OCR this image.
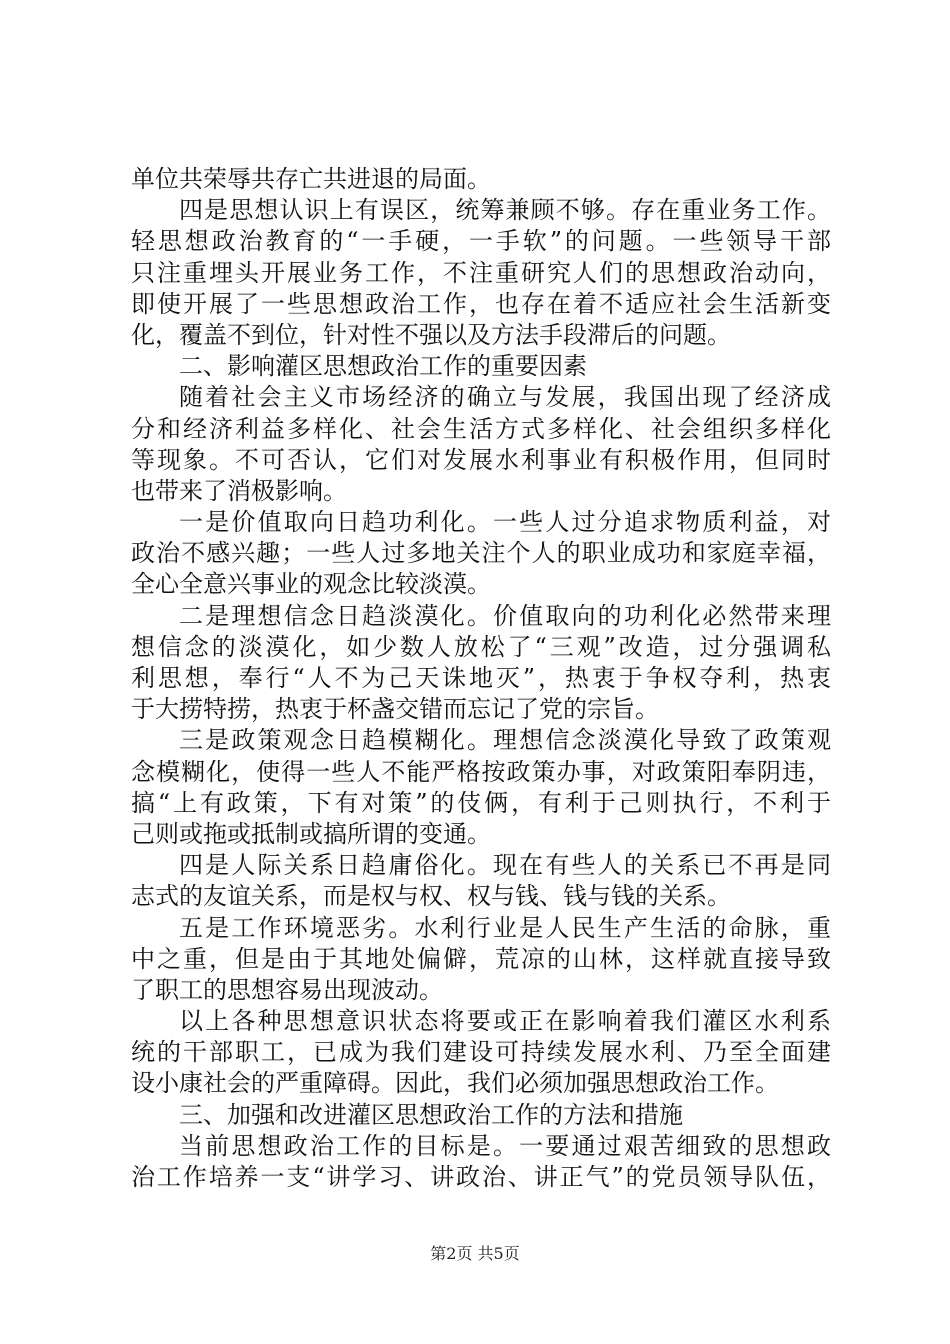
单位共荣辱共存亡共进退的局面。
四是思想认识上有误区，统筹兼顾不够。存在重业务工作。
轻思想政治教育的“一手硬，一手软”的问题。一些领导干部
只注重埋头开展业务工作，不注重研究人们的思想政治动向，
即使开展了一些思想政治工作，也存在着不适应社会生活新变
化，覆盖不到位，针对性不强以及方法手段滞后的问题。
二、影响灌区思想政治工作的重要因素
随着社会主义市场经济的确立与发展，我国出现了经济成
分和经济利益多样化、社会生活方式多样化、社会组织多样化
等现象。不可否认，它们对发展水利事业有积极作用，但同时
也带来了消极影响。
一是价值取向日趋功利化。一些人过分追求物质利益，对
政治不感兴趣；一些人过多地关注个人的职业成功和家庭幸福，
全心全意兴事业的观念比较淡漠。
二是理想信念日趋淡漠化。价值取向的功利化必然带来理
想信念的淡漠化，如少数人放松了“三观”改造，过分强调私
利思想，奉行“人不为己天诛地灭”，热衷于争权夺利，热衷
于大捞特捞，热衷于杯盏交错而忘记了党的宗旨。
三是政策观念日趋模糊化。理想信念淡漠化导致了政策观
念模糊化，使得一些人不能严格按政策办事，对政策阳奉阴违，
搞“上有政策，下有对策”的伎俩，有利于己则执行，不利于
己则或拖或抵制或搞所谓的变通。
四是人际关系日趋庸俗化。现在有些人的关系已不再是同
志式的友谊关系，而是权与权、权与钱、钱与钱的关系。
五是工作环境恶劣。水利行业是人民生产生活的命脉，重
中之重，但是由于其地处偏僻，荒凉的山林，这样就直接导致
了职工的思想容易出现波动。
以上各种思想意识状态将要或正在影响着我们灌区水利系
统的干部职工，已成为我们建设可持续发展水利、乃至全面建
设小康社会的严重障碍。因此，我们必须加强思想政治工作。
三、加强和改进灌区思想政治工作的方法和措施
当前思想政治工作的目标是。一要通过艰苦细致的思想政
治工作培养一支“讲学习、讲政治、讲正气”的党员领导队伍，
第2页 共5页
